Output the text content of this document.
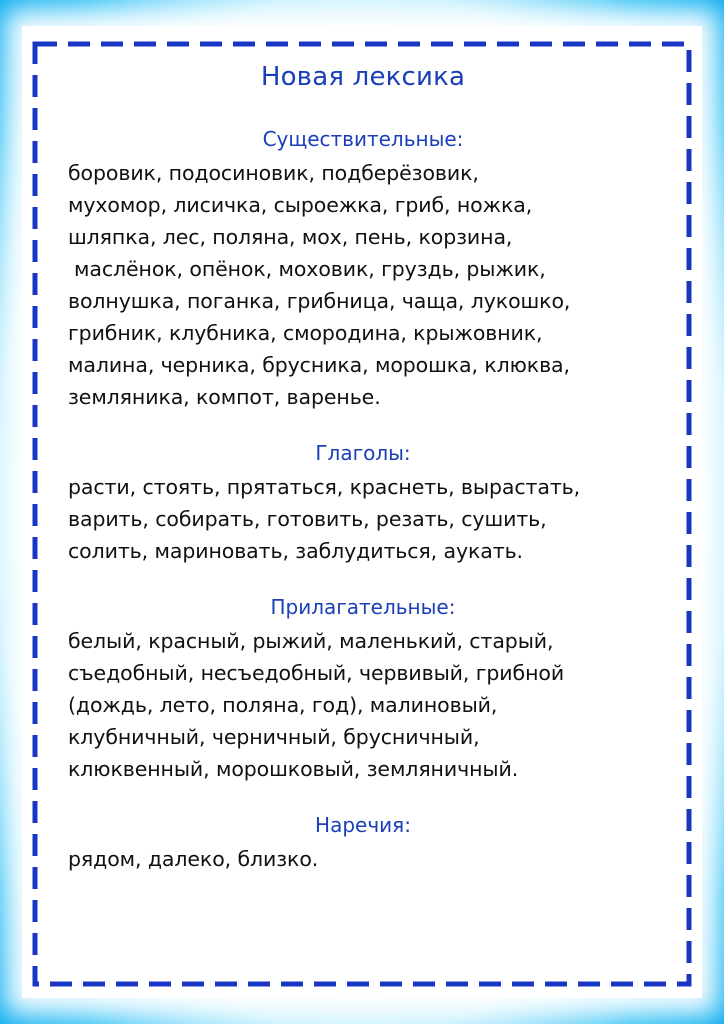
Новая лексика
Существительные:

боровик, подосиновик, подберёзовик,

мухомор, лисичка, сыроежка, гриб, ножка,

шляпка, лес, поляна, мох, пень, корзина,

маслёнок, опёнок, моховик, груздь, рыжик,

волнушка, поганка, грибница, чаща, лукошко,

грибник, клубника, смородина, крыжовник,

малина, черника, брусника, морошка, клюква,

земляника, компот, варенье.

Глаголы:

расти, стоять, прятаться, краснеть, вырастать,

варить, собирать, готовить, резать, сушить,

солить, мариновать, заблудиться, аукать.

Прилагательные:

белый, красный, рыжий, маленький, старый,

съедобный, несъедобный, червивый, грибной

(дождь, лето, поляна, год), малиновый,

клубничный, черничный, брусничный,

клюквенный, морошковый, земляничный.

Наречия:

рядом, далеко, близко.
